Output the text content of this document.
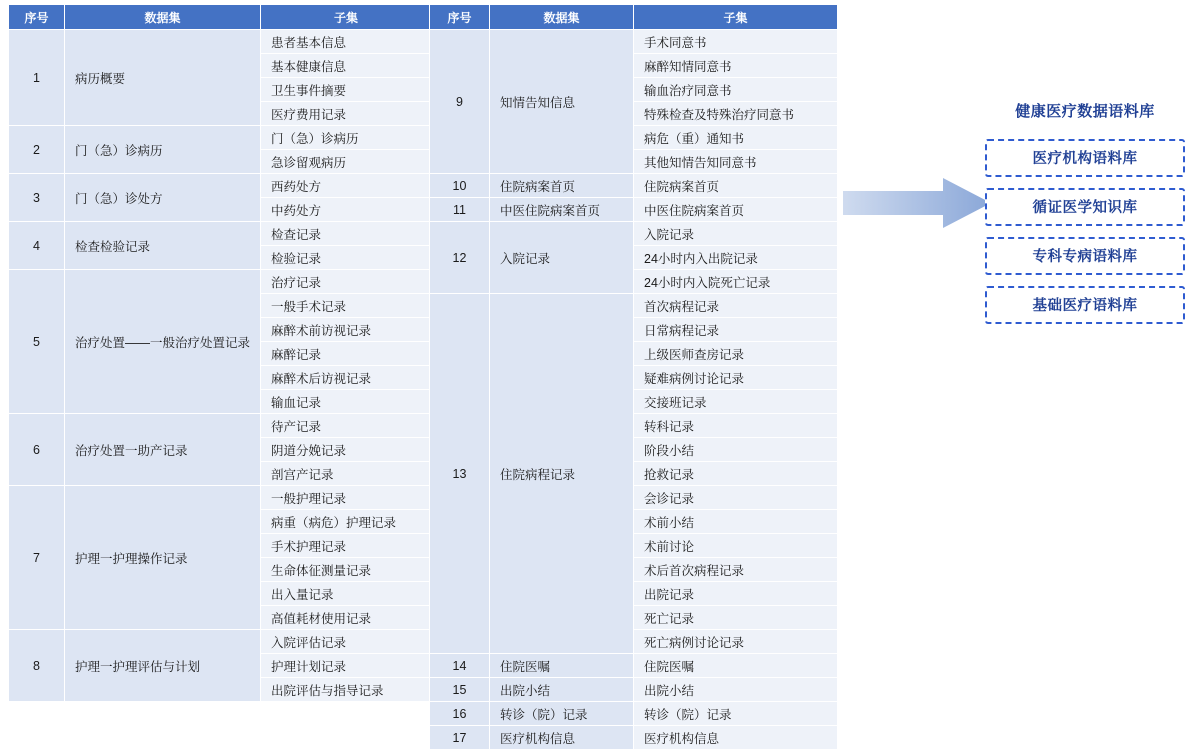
序号	数据集	子集
1	病历概要	患者基本信息
		基本健康信息
		卫生事件摘要
		医疗费用记录
2	门（急）诊病历	门（急）诊病历
		急诊留观病历
3	门（急）诊处方	西药处方
		中药处方
4	检查检验记录	检查记录
		检验记录
5	治疗处置——一般治疗处置记录	治疗记录
		一般手术记录
		麻醉术前访视记录
		麻醉记录
		麻醉术后访视记录
		输血记录
6	治疗处置一助产记录	待产记录
		阴道分娩记录
		剖宫产记录
7	护理一护理操作记录	一般护理记录
		病重（病危）护理记录
		手术护理记录
		生命体征测量记录
		出入量记录
		高值耗材使用记录
8	护理一护理评估与计划	入院评估记录
		护理计划记录
		出院评估与指导记录
序号	数据集	子集
9	知情告知信息	手术同意书
		麻醉知情同意书
		输血治疗同意书
		特殊检查及特殊治疗同意书
		病危（重）通知书
		其他知情告知同意书
10	住院病案首页	住院病案首页
11	中医住院病案首页	中医住院病案首页
12	入院记录	入院记录
		24小时内入出院记录
		24小时内入院死亡记录
13	住院病程记录	首次病程记录
		日常病程记录
		上级医师查房记录
		疑难病例讨论记录
		交接班记录
		转科记录
		阶段小结
		抢救记录
		会诊记录
		术前小结
		术前讨论
		术后首次病程记录
		出院记录
		死亡记录
		死亡病例讨论记录
14	住院医嘱	住院医嘱
15	出院小结	出院小结
16	转诊（院）记录	转诊（院）记录
17	医疗机构信息	医疗机构信息
健康医疗数据语料库
医疗机构语料库
循证医学知识库
专科专病语料库
基础医疗语料库
